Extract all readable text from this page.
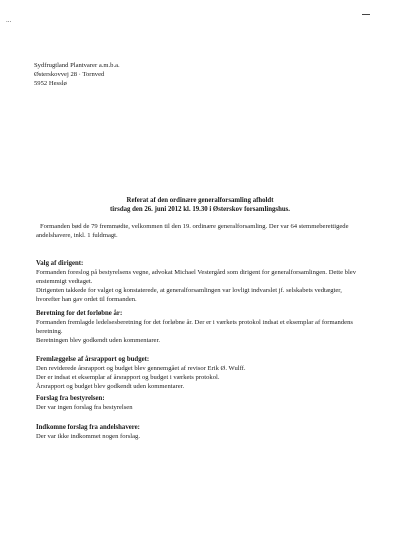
...
Sydfrugtland Plantvarer a.m.b.a.
Østerskovvej 28 · Tornved
5952 Hesslø
Referat af den ordinære generalforsamling afholdt
tirsdag den 26. juni 2012 kl. 19.30 i Østerskov forsamlingshus.

Formanden bød de 79 fremmødte, velkommen til den 19. ordinære generalforsamling. Der var 64 stemmeberettigede andelshavere, inkl. 1 fuldmagt.

Valg af dirigent:

Formanden foreslog på bestyrelsens vegne, advokat Michael Vestergård som dirigent for generalforsamlingen. Dette blev enstemmigt vedtaget.

Dirigenten takkede for valget og konstaterede, at generalforsamlingen var lovligt indvarslet jf. selskabets vedtægter, hvorefter han gav ordet til formanden.

Beretning for det forløbne år:

Formanden fremlagde ledelsesberetning for det forløbne år. Der er i værkets protokol indsat et eksemplar af formandens beretning.

Beretningen blev godkendt uden kommentarer.

Fremlæggelse af årsrapport og budget:

Den reviderede årsrapport og budget blev gennemgået af revisor Erik Ø. Wulff.

Der er indsat et eksemplar af årsrapport og budget i værkets protokol.

Årsrapport og budget blev godkendt uden kommentarer.

Forslag fra bestyrelsen:

Der var ingen forslag fra bestyrelsen

Indkomne forslag fra andelshavere:

Der var ikke indkommet nogen forslag.
